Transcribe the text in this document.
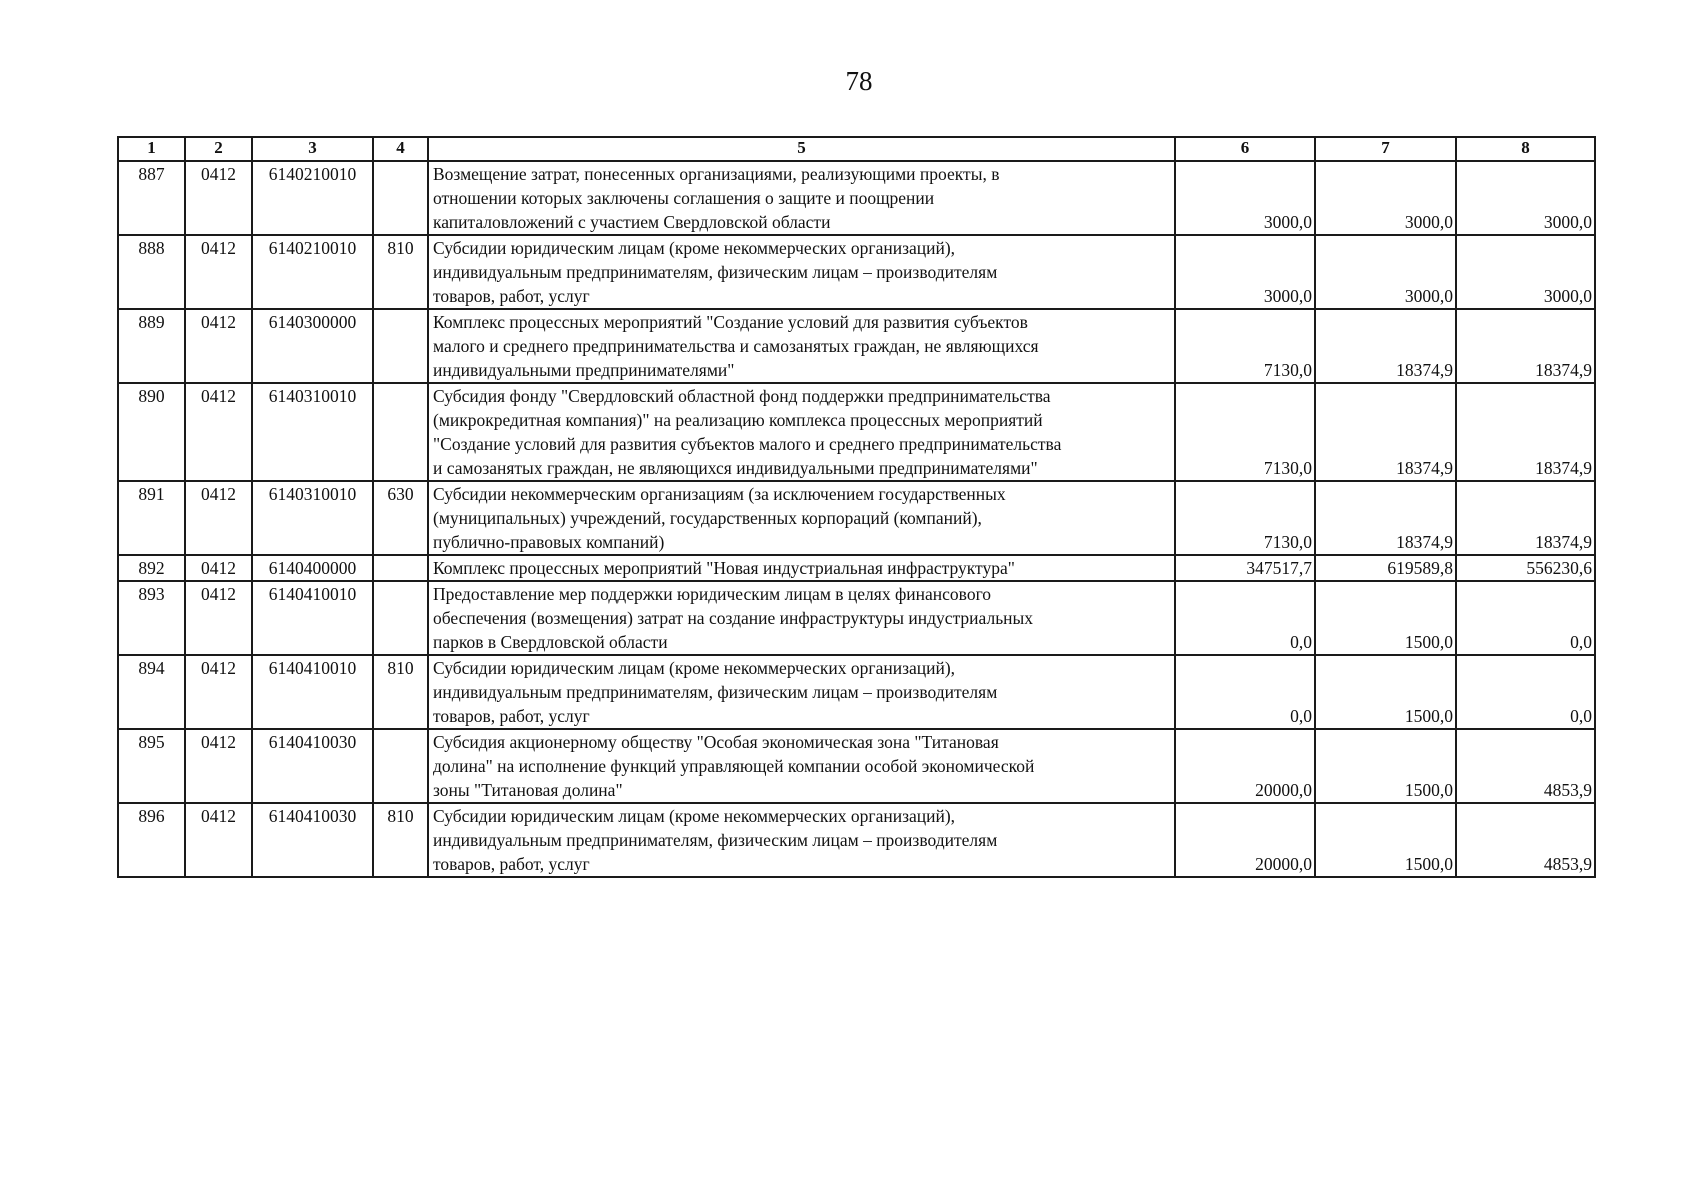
78
1	2	3	4	5	6	7	8
887	0412	6140210010		Возмещение затрат, понесенных организациями, реализующими проекты, в
отношении которых заключены соглашения о защите и поощрении
капиталовложений с участием Свердловской области	3000,0	3000,0	3000,0
888	0412	6140210010	810	Субсидии юридическим лицам (кроме некоммерческих организаций),
индивидуальным предпринимателям, физическим лицам – производителям
товаров, работ, услуг	3000,0	3000,0	3000,0
889	0412	6140300000		Комплекс процессных мероприятий "Создание условий для развития субъектов
малого и среднего предпринимательства и самозанятых граждан, не являющихся
индивидуальными предпринимателями"	7130,0	18374,9	18374,9
890	0412	6140310010		Субсидия фонду "Свердловский областной фонд поддержки предпринимательства
(микрокредитная компания)" на реализацию комплекса процессных мероприятий
"Создание условий для развития субъектов малого и среднего предпринимательства
и самозанятых граждан, не являющихся индивидуальными предпринимателями"	7130,0	18374,9	18374,9
891	0412	6140310010	630	Субсидии некоммерческим организациям (за исключением государственных
(муниципальных) учреждений, государственных корпораций (компаний),
публично-правовых компаний)	7130,0	18374,9	18374,9
892	0412	6140400000		Комплекс процессных мероприятий "Новая индустриальная инфраструктура"	347517,7	619589,8	556230,6
893	0412	6140410010		Предоставление мер поддержки юридическим лицам в целях финансового
обеспечения (возмещения) затрат на создание инфраструктуры индустриальных
парков в Свердловской области	0,0	1500,0	0,0
894	0412	6140410010	810	Субсидии юридическим лицам (кроме некоммерческих организаций),
индивидуальным предпринимателям, физическим лицам – производителям
товаров, работ, услуг	0,0	1500,0	0,0
895	0412	6140410030		Субсидия акционерному обществу "Особая экономическая зона "Титановая
долина" на исполнение функций управляющей компании особой экономической
зоны "Титановая долина"	20000,0	1500,0	4853,9
896	0412	6140410030	810	Субсидии юридическим лицам (кроме некоммерческих организаций),
индивидуальным предпринимателям, физическим лицам – производителям
товаров, работ, услуг	20000,0	1500,0	4853,9
